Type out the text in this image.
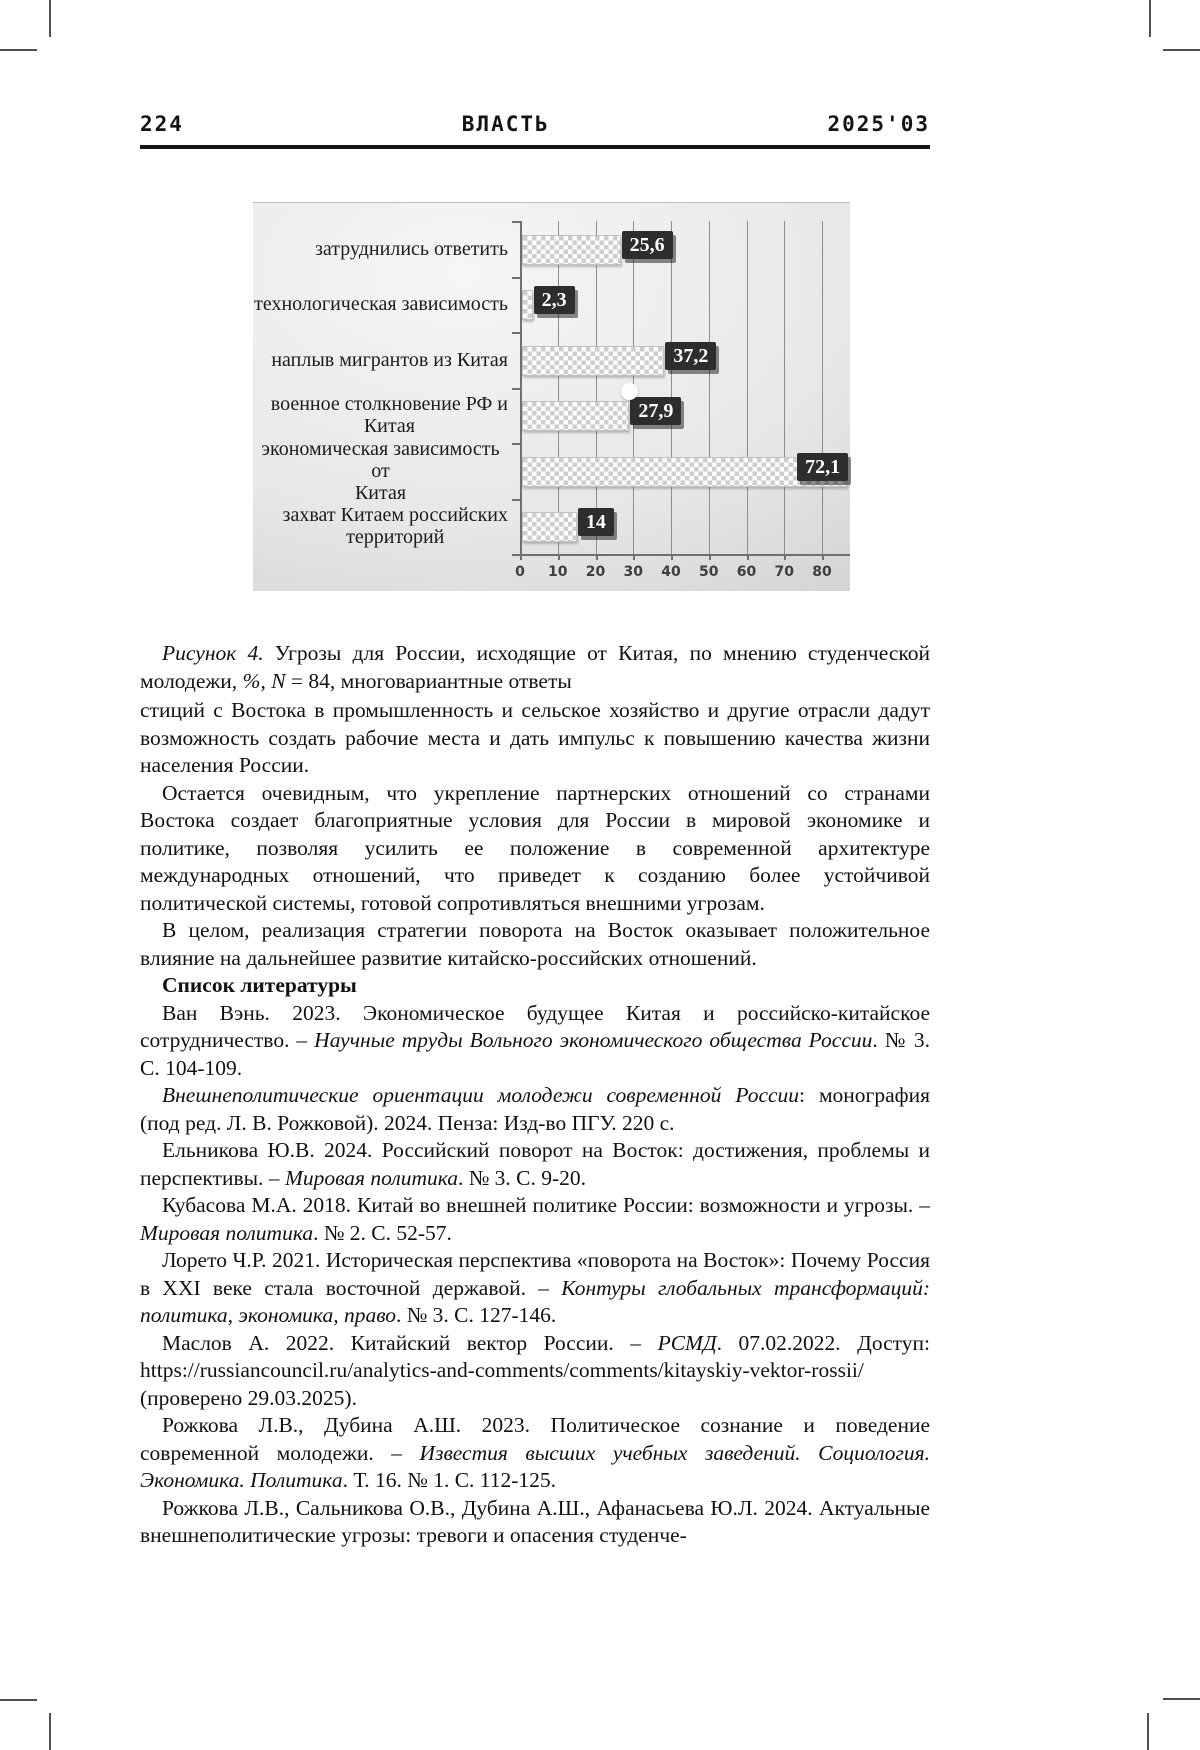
224	ВЛАСТЬ	2025'03
0	10	20	30	40	50	60	70	80
затруднились ответить	25,6
технологическая зависимость	2,3
наплыв мигрантов из Китая	37,2
военное столкновение РФ и
Китая
27,9
экономическая зависимость от
Китая
72,1
захват Китаем российских
территорий
14
Рисунок 4. Угрозы для России, исходящие от Китая, по мнению студенческой молодежи, %, N = 84, многовариантные ответы

стиций с Востока в промышленность и сельское хозяйство и другие отрасли дадут возможность создать рабочие места и дать импульс к повышению качества жизни населения России.

Остается очевидным, что укрепление партнерских отношений со странами Востока создает благоприятные условия для России в мировой экономике и политике, позволяя усилить ее положение в современной архитектуре международных отношений, что приведет к созданию более устойчивой политической системы, готовой сопротивляться внешними угрозам.

В целом, реализация стратегии поворота на Восток оказывает положительное влияние на дальнейшее развитие китайско-российских отношений.

Список литературы

Ван Вэнь. 2023. Экономическое будущее Китая и российско-китайское сотрудничество. – Научные труды Вольного экономического общества России. № 3. С. 104-109.

Внешнеполитические ориентации молодежи современной России: монография (под ред. Л. В. Рожковой). 2024. Пенза: Изд-во ПГУ. 220 с.

Ельникова Ю.В. 2024. Российский поворот на Восток: достижения, проблемы и перспективы. – Мировая политика. № 3. С. 9-20.

Кубасова М.А. 2018. Китай во внешней политике России: возможности и угрозы. – Мировая политика. № 2. С. 52-57.

Лорето Ч.Р. 2021. Историческая перспектива «поворота на Восток»: Почему Россия в XXI веке стала восточной державой. – Контуры глобальных трансформаций: политика, экономика, право. № 3. С. 127-146.

Маслов А. 2022. Китайский вектор России. – РСМД. 07.02.2022. Доступ: https://russiancouncil.ru/analytics-and-comments/comments/kitayskiy-vektor-rossii/ (проверено 29.03.2025).

Рожкова Л.В., Дубина А.Ш. 2023. Политическое сознание и поведение современной молодежи. – Известия высших учебных заведений. Социология. Экономика. Политика. Т. 16. № 1. С. 112-125.

Рожкова Л.В., Сальникова О.В., Дубина А.Ш., Афанасьева Ю.Л. 2024. Актуальные внешнеполитические угрозы: тревоги и опасения студенче-
